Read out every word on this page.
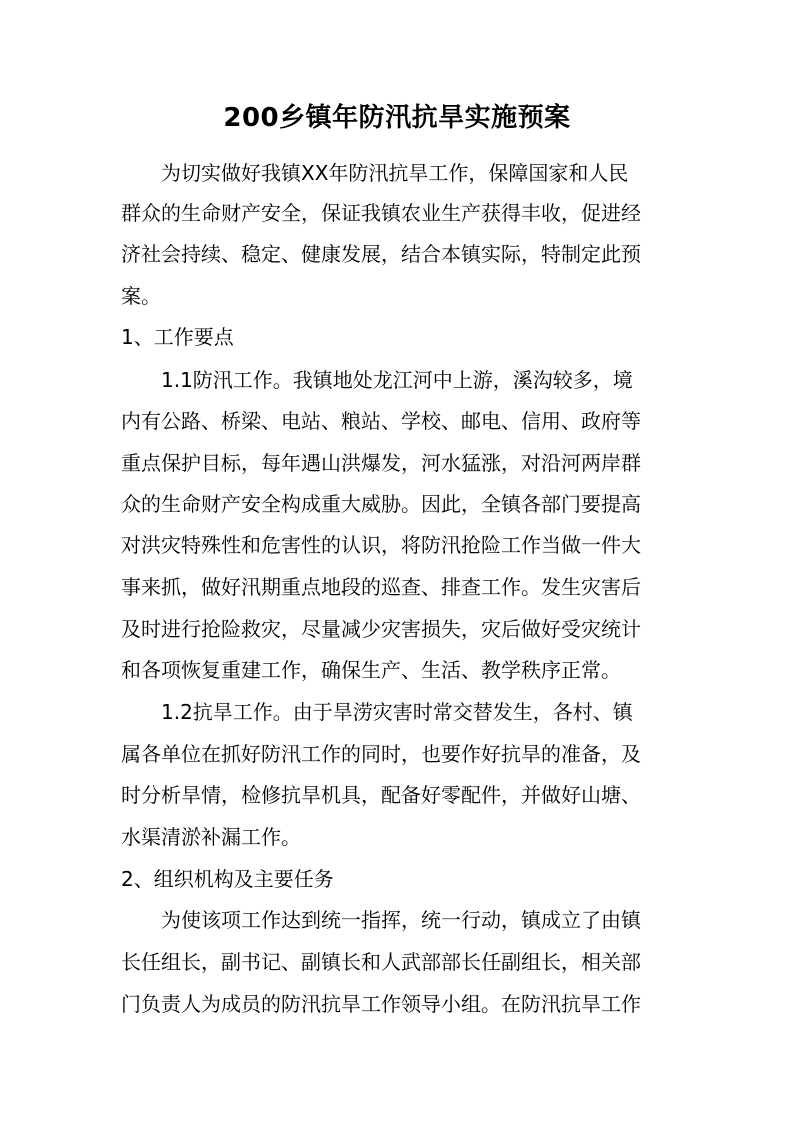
200乡镇年防汛抗旱实施预案

为切实做好我镇XX年防汛抗旱工作，保障国家和人民

群众的生命财产安全，保证我镇农业生产获得丰收，促进经

济社会持续、稳定、健康发展，结合本镇实际，特制定此预

案。

1、工作要点

1.1防汛工作。我镇地处龙江河中上游，溪沟较多，境

内有公路、桥梁、电站、粮站、学校、邮电、信用、政府等

重点保护目标，每年遇山洪爆发，河水猛涨，对沿河两岸群

众的生命财产安全构成重大威胁。因此，全镇各部门要提高

对洪灾特殊性和危害性的认识，将防汛抢险工作当做一件大

事来抓，做好汛期重点地段的巡查、排查工作。发生灾害后

及时进行抢险救灾，尽量减少灾害损失，灾后做好受灾统计

和各项恢复重建工作，确保生产、生活、教学秩序正常。

1.2抗旱工作。由于旱涝灾害时常交替发生，各村、镇

属各单位在抓好防汛工作的同时，也要作好抗旱的准备，及

时分析旱情，检修抗旱机具，配备好零配件，并做好山塘、

水渠清淤补漏工作。

2、组织机构及主要任务

为使该项工作达到统一指挥，统一行动，镇成立了由镇

长任组长，副书记、副镇长和人武部部长任副组长，相关部

门负责人为成员的防汛抗旱工作领导小组。在防汛抗旱工作
